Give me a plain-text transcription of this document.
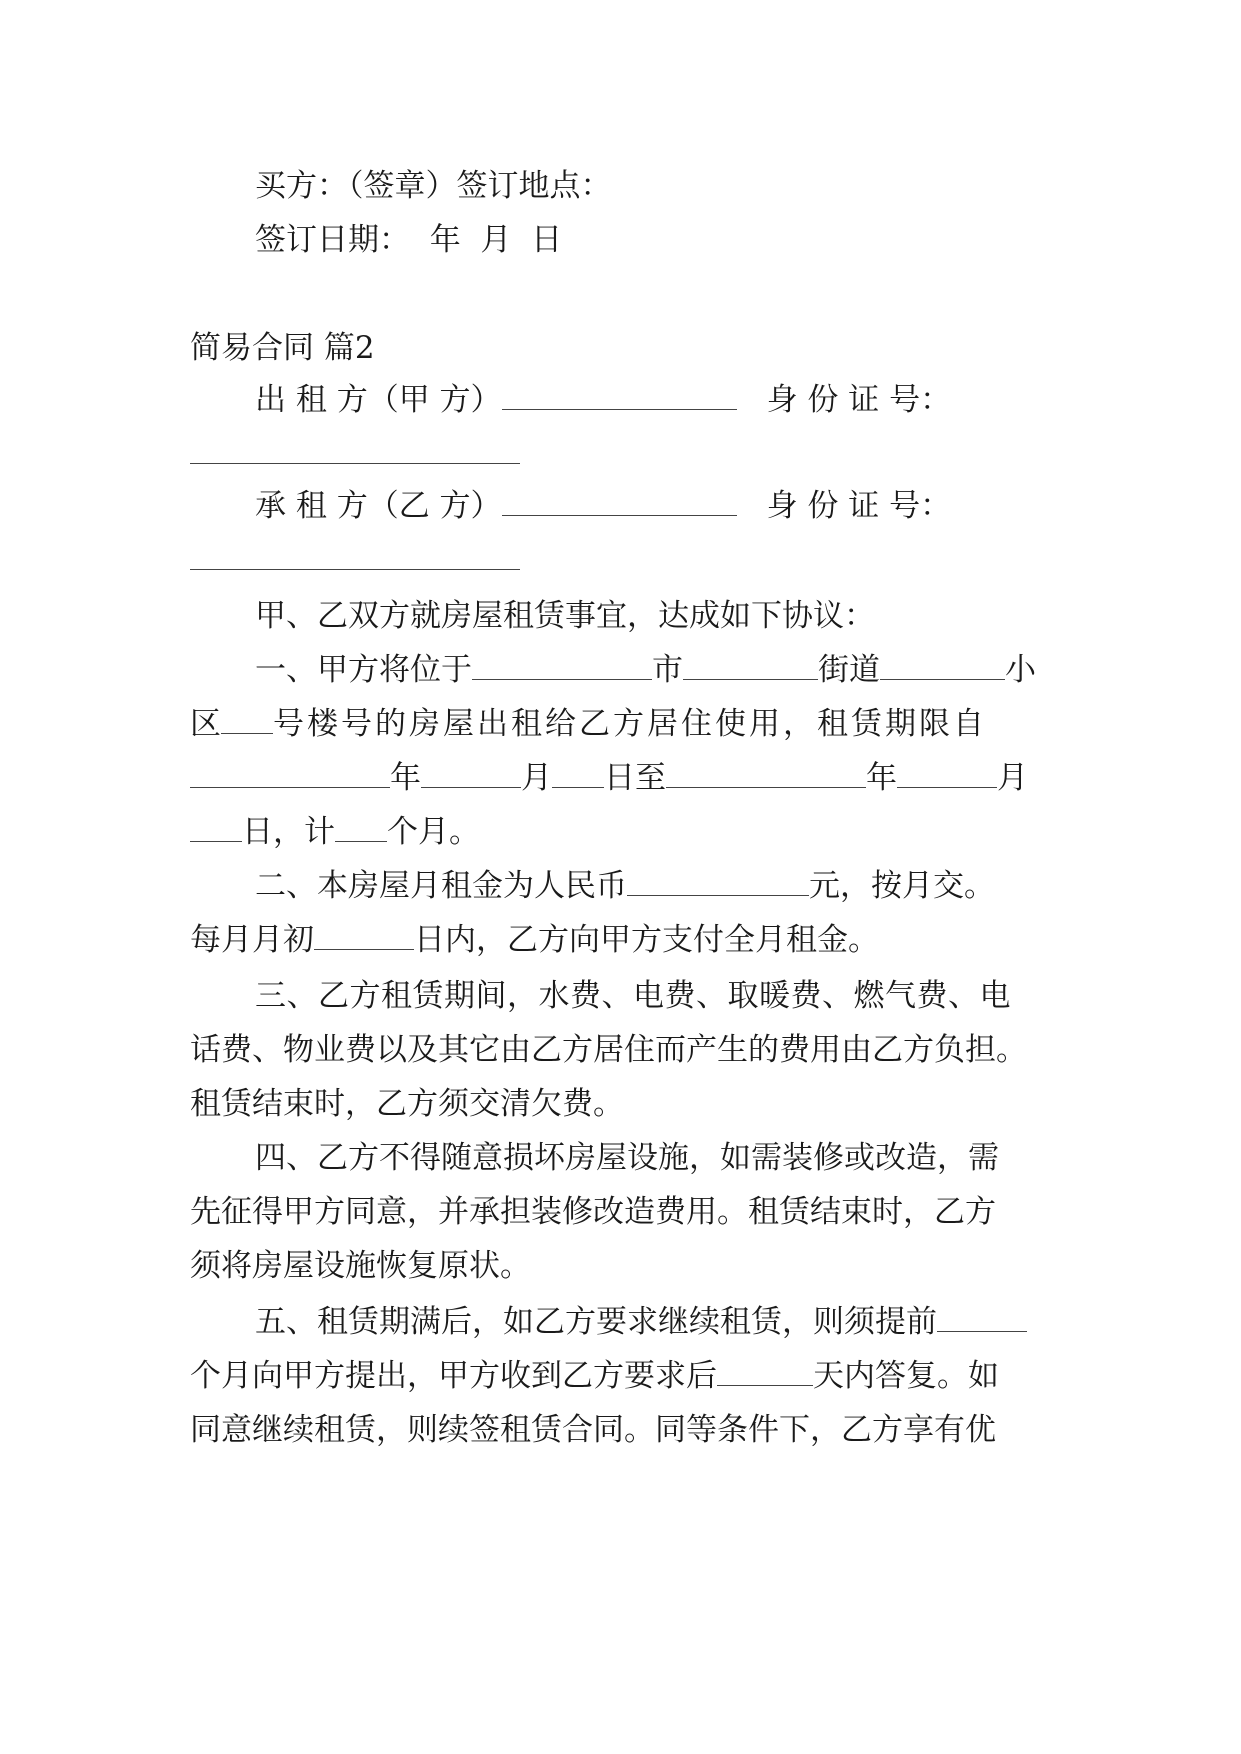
买方：（签章）签订地点：
签订日期：  年  月  日
简易合同 篇2
出 租 方（甲 方）	身 份 证 号：
承 租 方（乙 方）	身 份 证 号：
甲、乙双方就房屋租赁事宜，达成如下协议：
一、甲方将位于	市	街道	小
区 号楼号的房屋出租给乙方居住使用，租赁期限自
年	月 日至	年	月
日，计 个月。
二、本房屋月租金为人民币	元，按月交。
每月月初	日内，乙方向甲方支付全月租金。
三、乙方租赁期间，水费、电费、取暖费、燃气费、电
话费、物业费以及其它由乙方居住而产生的费用由乙方负担。
租赁结束时，乙方须交清欠费。
四、乙方不得随意损坏房屋设施，如需装修或改造，需
先征得甲方同意，并承担装修改造费用。租赁结束时，乙方
须将房屋设施恢复原状。
五、租赁期满后，如乙方要求继续租赁，则须提前
个月向甲方提出，甲方收到乙方要求后	天内答复。如
同意继续租赁，则续签租赁合同。同等条件下，乙方享有优
